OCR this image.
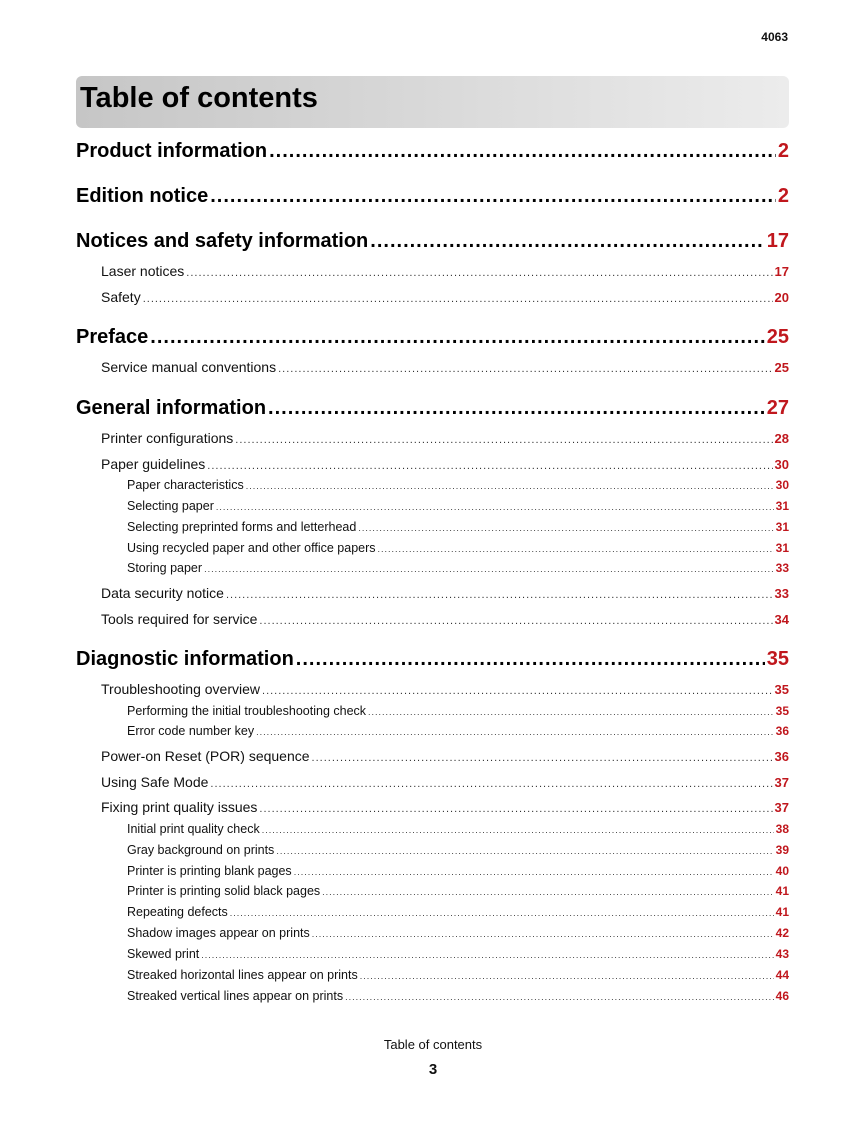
4063
Table of contents
Product information .....	2
Edition notice .....	2
Notices and safety information .....	17
Laser notices .....	17
Safety .....	20
Preface .....	25
Service manual conventions .....	25
General information .....	27
Printer configurations .....	28
Paper guidelines .....	30
Paper characteristics .....	30
Selecting paper .....	31
Selecting preprinted forms and letterhead .....	31
Using recycled paper and other office papers .....	31
Storing paper .....	33
Data security notice .....	33
Tools required for service .....	34
Diagnostic information .....	35
Troubleshooting overview .....	35
Performing the initial troubleshooting check .....	35
Error code number key .....	36
Power-on Reset (POR) sequence .....	36
Using Safe Mode .....	37
Fixing print quality issues .....	37
Initial print quality check .....	38
Gray background on prints .....	39
Printer is printing blank pages .....	40
Printer is printing solid black pages .....	41
Repeating defects .....	41
Shadow images appear on prints .....	42
Skewed print .....	43
Streaked horizontal lines appear on prints .....	44
Streaked vertical lines appear on prints .....	46
Table of contents
3
